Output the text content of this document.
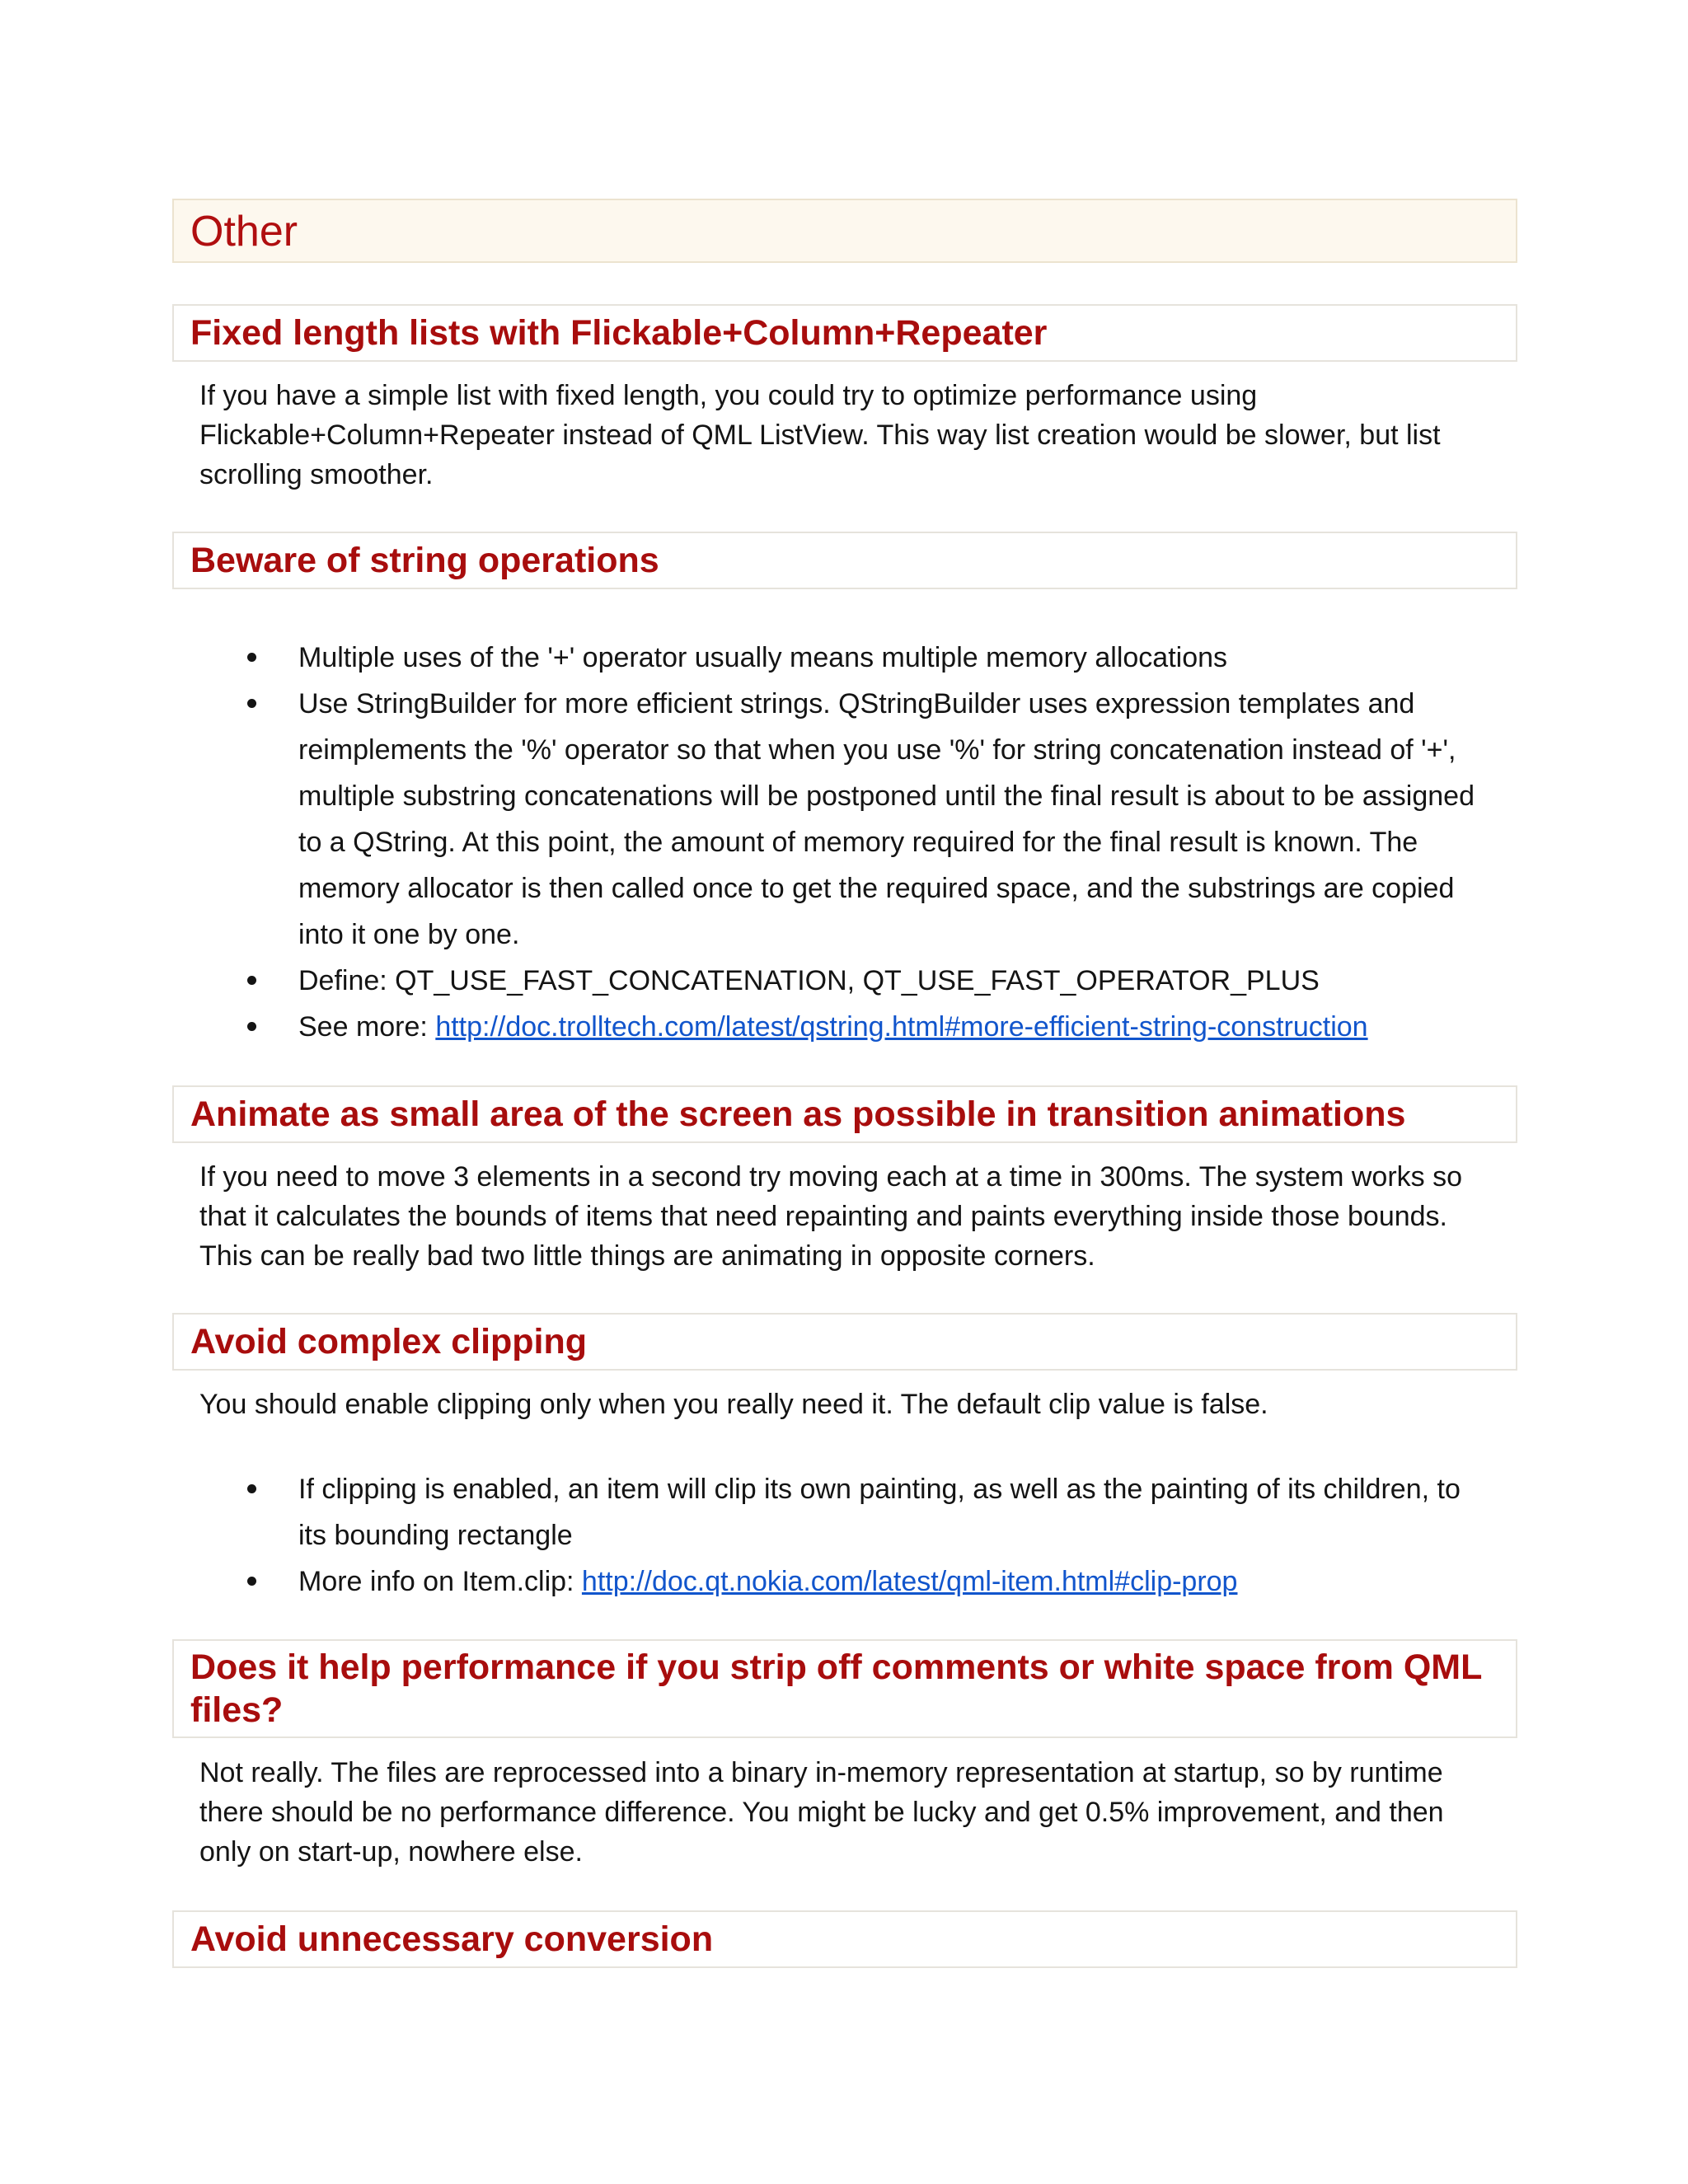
Other
Fixed length lists with Flickable+Column+Repeater

If you have a simple list with fixed length, you could try to optimize performance using Flickable+Column+Repeater instead of QML ListView. This way list creation would be slower, but list scrolling smoother.

Beware of string operations
Multiple uses of the '+' operator usually means multiple memory allocations
Use StringBuilder for more efficient strings. QStringBuilder uses expression templates and reimplements the '%' operator so that when you use '%' for string concatenation instead of '+', multiple substring concatenations will be postponed until the final result is about to be assigned to a QString. At this point, the amount of memory required for the final result is known. The memory allocator is then called once to get the required space, and the substrings are copied into it one by one.
Define: QT_USE_FAST_CONCATENATION, QT_USE_FAST_OPERATOR_PLUS
See more: http://doc.trolltech.com/latest/qstring.html#more-efficient-string-construction
Animate as small area of the screen as possible in transition animations

If you need to move 3 elements in a second try moving each at a time in 300ms. The system works so that it calculates the bounds of items that need repainting and paints everything inside those bounds. This can be really bad two little things are animating in opposite corners.

Avoid complex clipping

You should enable clipping only when you really need it. The default clip value is false.

If clipping is enabled, an item will clip its own painting, as well as the painting of its children, to its bounding rectangle
More info on Item.clip: http://doc.qt.nokia.com/latest/qml-item.html#clip-prop
Does it help performance if you strip off comments or white space from QML files?

Not really. The files are reprocessed into a binary in-memory representation at startup, so by runtime there should be no performance difference. You might be lucky and get 0.5% improvement, and then only on start-up, nowhere else.

Avoid unnecessary conversion
